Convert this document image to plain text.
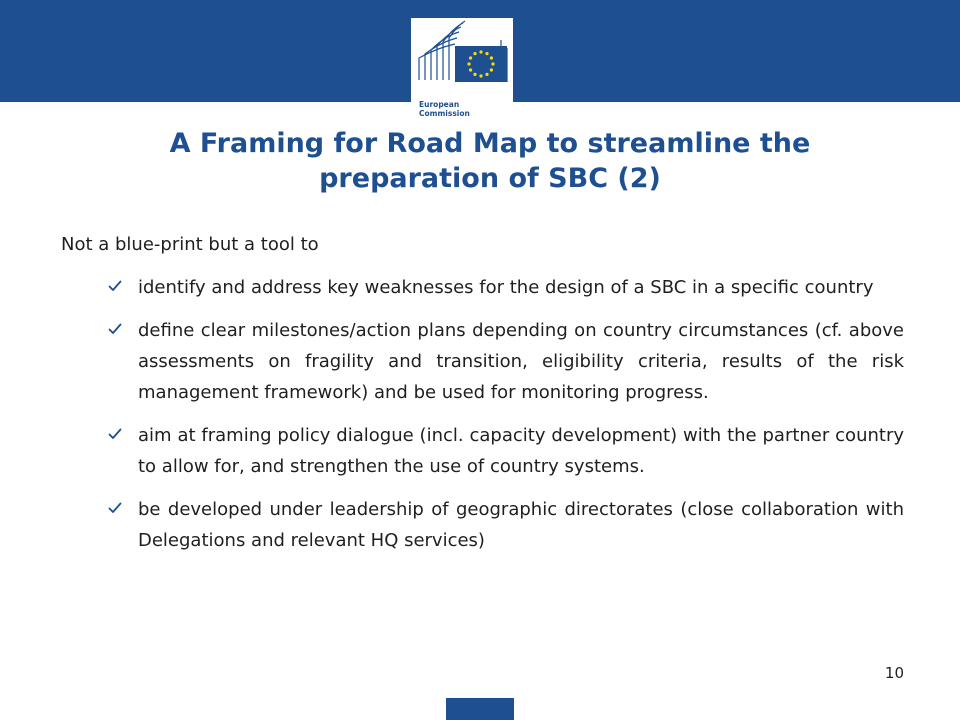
European
Commission
A Framing for Road Map to streamline the
preparation of SBC (2)
Not a blue-print but a tool to
identify and address key weaknesses for the design of a SBC in a specific country
define clear milestones/action plans depending on country circumstances (cf. above assessments on fragility and transition, eligibility criteria, results of the risk management framework) and be used for monitoring progress.
aim at framing policy dialogue (incl. capacity development) with the partner country to allow for, and strengthen the use of country systems.
be developed under leadership of geographic directorates (close collaboration with Delegations and relevant HQ services)
10
